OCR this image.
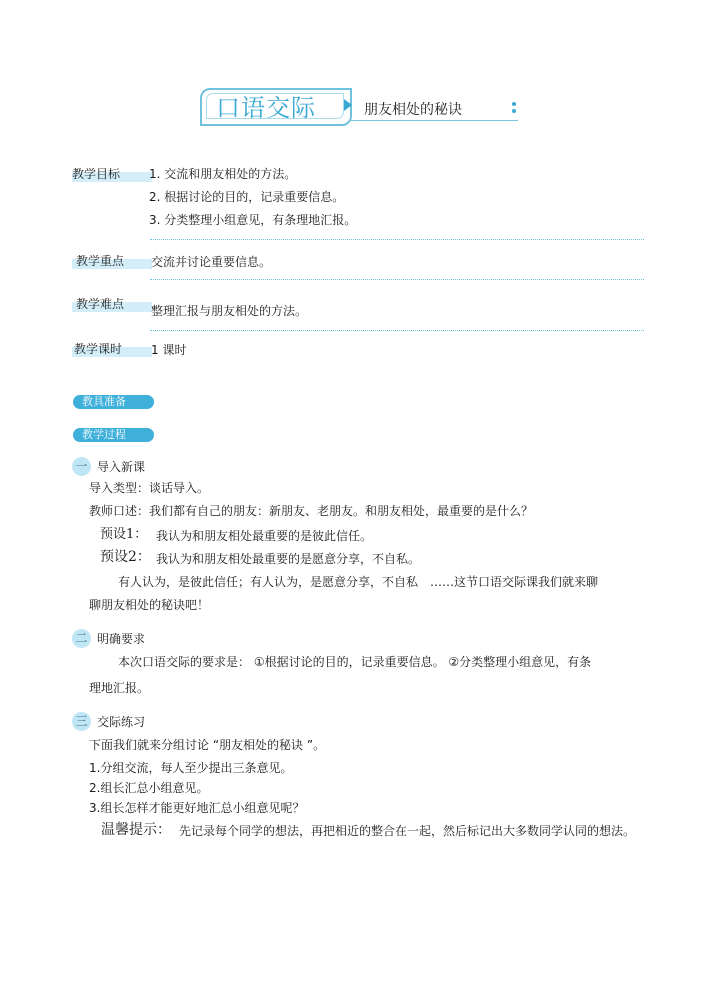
口语交际	朋友相处的秘诀
教学目标 1. 交流和朋友相处的方法。
2. 根据讨论的目的，记录重要信息。
3. 分类整理小组意见，有条理地汇报。
教学重点 交流并讨论重要信息。
教学难点 整理汇报与朋友相处的方法。
教学课时 1 课时
教具准备
教学过程
一 导入新课
导入类型：谈话导入。
教师口述：我们都有自己的朋友：新朋友、老朋友。和朋友相处，最重要的是什么？
预设1： 我认为和朋友相处最重要的是彼此信任。
预设2： 我认为和朋友相处最重要的是愿意分享，不自私。
有人认为，是彼此信任；有人认为，是愿意分享，不自私　……这节口语交际课我们就来聊
聊朋友相处的秘诀吧！
二 明确要求
本次口语交际的要求是： ①根据讨论的目的，记录重要信息。 ②分类整理小组意见，有条
理地汇报。
三 交际练习
下面我们就来分组讨论 “朋友相处的秘诀 ”。
1.分组交流，每人至少提出三条意见。
2.组长汇总小组意见。
3.组长怎样才能更好地汇总小组意见呢？
温馨提示： 先记录每个同学的想法，再把相近的整合在一起，然后标记出大多数同学认同的想法。
